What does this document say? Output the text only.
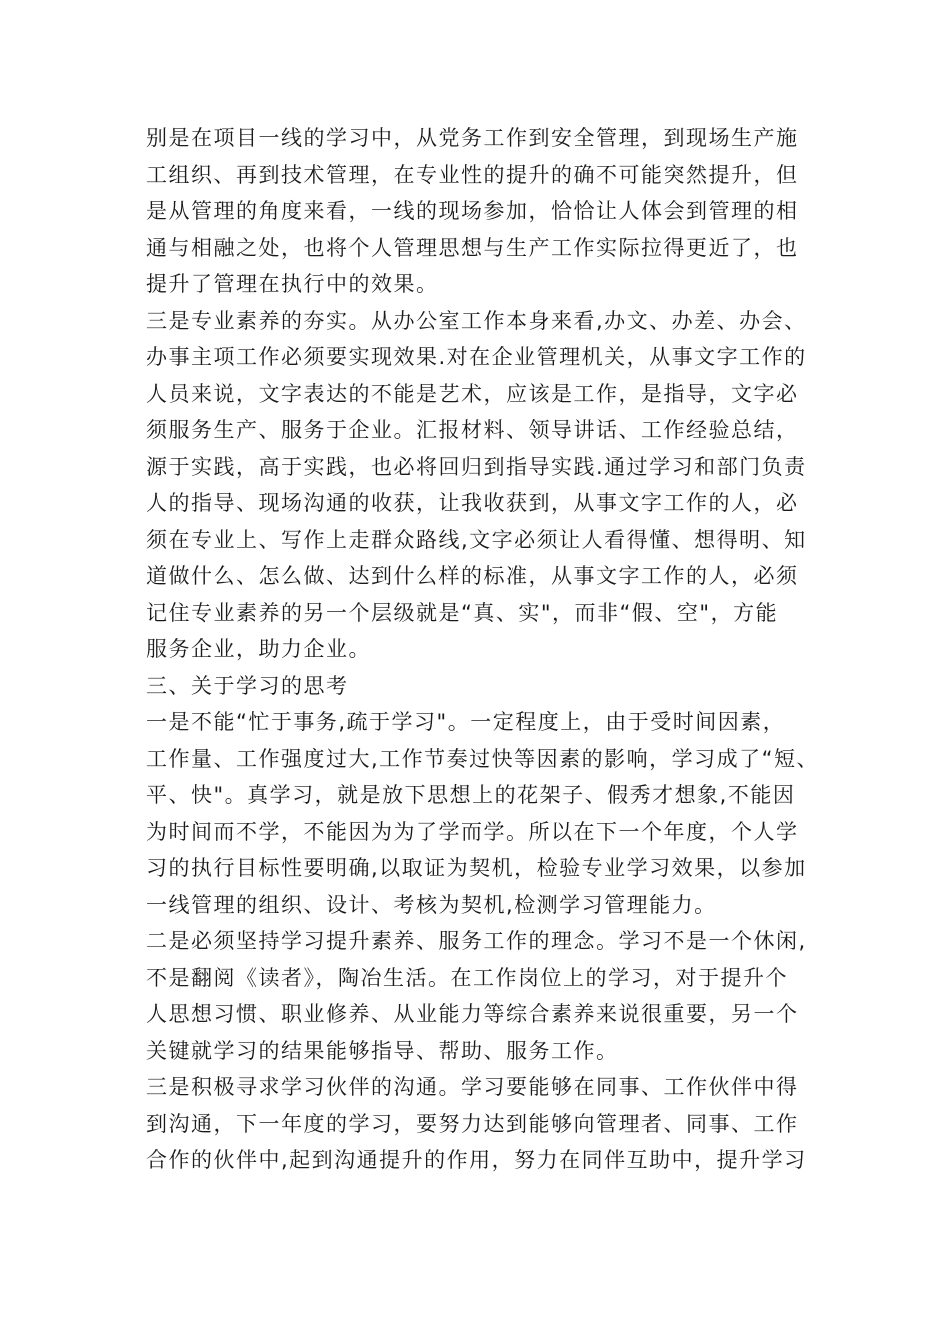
别是在项目一线的学习中，从党务工作到安全管理，到现场生产施
工组织、再到技术管理，在专业性的提升的确不可能突然提升，但
是从管理的角度来看，一线的现场参加，恰恰让人体会到管理的相
通与相融之处，也将个人管理思想与生产工作实际拉得更近了，也
提升了管理在执行中的效果。
三是专业素养的夯实。从办公室工作本身来看,办文、办差、办会、
办事主项工作必须要实现效果.对在企业管理机关，从事文字工作的
人员来说，文字表达的不能是艺术，应该是工作，是指导，文字必
须服务生产、服务于企业。汇报材料、领导讲话、工作经验总结，
源于实践，高于实践，也必将回归到指导实践.通过学习和部门负责
人的指导、现场沟通的收获，让我收获到，从事文字工作的人，必
须在专业上、写作上走群众路线,文字必须让人看得懂、想得明、知
道做什么、怎么做、达到什么样的标准，从事文字工作的人，必须
记住专业素养的另一个层级就是“真、实"，而非“假、空"，方能
服务企业，助力企业。
三、关于学习的思考
一是不能“忙于事务,疏于学习"。一定程度上，由于受时间因素，
工作量、工作强度过大,工作节奏过快等因素的影响，学习成了“短、
平、快"。真学习，就是放下思想上的花架子、假秀才想象,不能因
为时间而不学，不能因为为了学而学。所以在下一个年度，个人学
习的执行目标性要明确,以取证为契机，检验专业学习效果，以参加
一线管理的组织、设计、考核为契机,检测学习管理能力。
二是必须坚持学习提升素养、服务工作的理念。学习不是一个休闲,
不是翻阅《读者》，陶冶生活。在工作岗位上的学习，对于提升个
人思想习惯、职业修养、从业能力等综合素养来说很重要，另一个
关键就学习的结果能够指导、帮助、服务工作。
三是积极寻求学习伙伴的沟通。学习要能够在同事、工作伙伴中得
到沟通，下一年度的学习，要努力达到能够向管理者、同事、工作
合作的伙伴中,起到沟通提升的作用，努力在同伴互助中，提升学习
